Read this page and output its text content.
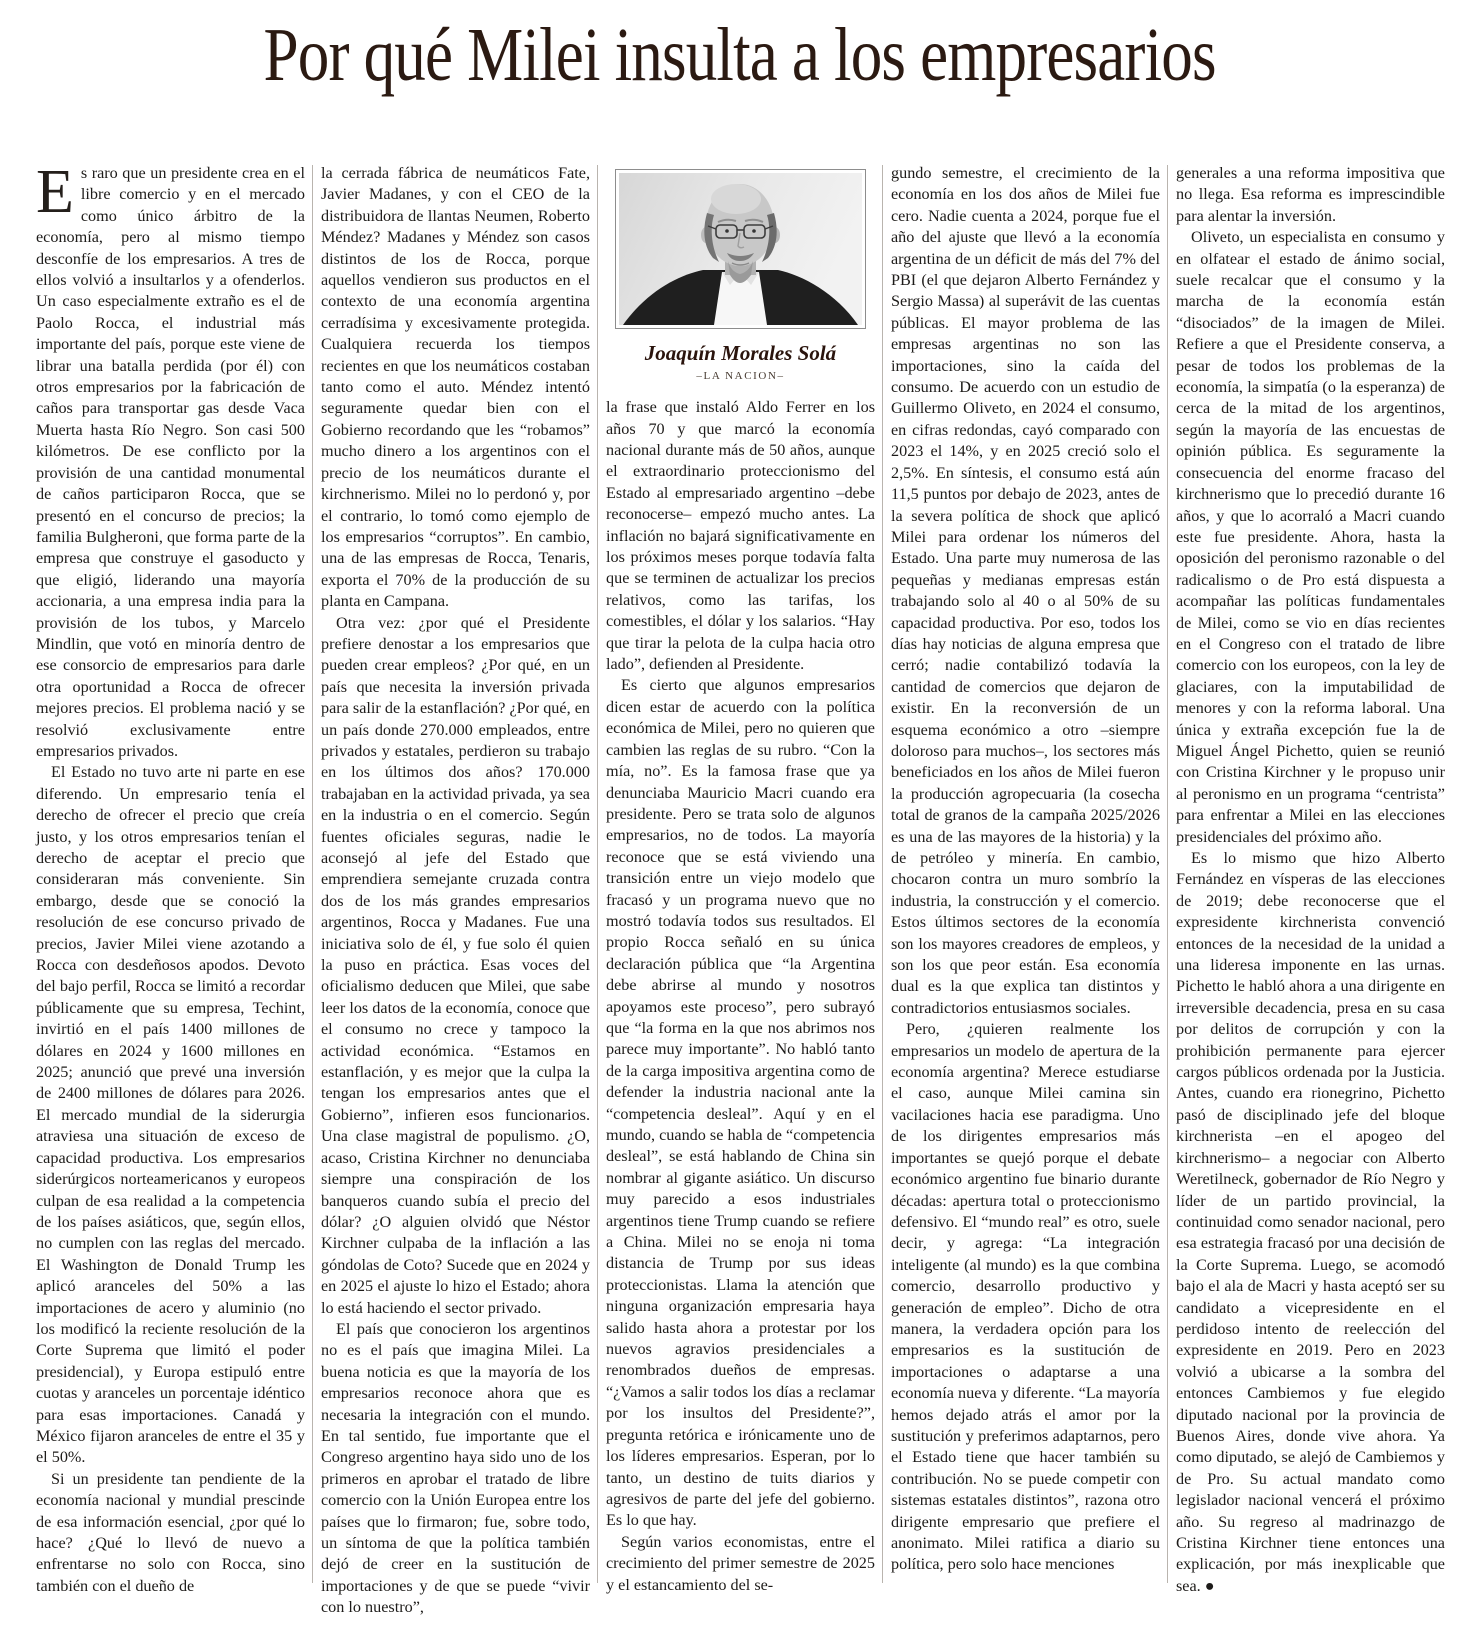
Por qué Milei insulta a los empresarios

Es raro que un presidente crea en el libre comercio y en el mercado como único árbitro de la economía, pero al mismo tiempo desconfíe de los empresarios. A tres de ellos volvió a insultarlos y a ofenderlos. Un caso especialmente extraño es el de Paolo Rocca, el industrial más importante del país, porque este viene de librar una batalla perdida (por él) con otros empresarios por la fabricación de caños para transportar gas desde Vaca Muerta hasta Río Negro. Son casi 500 kilómetros. De ese conflicto por la provisión de una cantidad monumental de caños participaron Rocca, que se presentó en el concurso de precios; la familia Bulgheroni, que forma parte de la empresa que construye el gasoducto y que eligió, liderando una mayoría accionaria, a una empresa india para la provisión de los tubos, y Marcelo Mindlin, que votó en minoría dentro de ese consorcio de empresarios para darle otra oportunidad a Rocca de ofrecer mejores precios. El problema nació y se resolvió exclusivamente entre empresarios privados.

El Estado no tuvo arte ni parte en ese diferendo. Un empresario tenía el derecho de ofrecer el precio que creía justo, y los otros empresarios tenían el derecho de aceptar el precio que consideraran más conveniente. Sin embargo, desde que se conoció la resolución de ese concurso privado de precios, Javier Milei viene azotando a Rocca con desdeñosos apodos. Devoto del bajo perfil, Rocca se limitó a recordar públicamente que su empresa, Techint, invirtió en el país 1400 millones de dólares en 2024 y 1600 millones en 2025; anunció que prevé una inversión de 2400 millones de dólares para 2026. El mercado mundial de la siderurgia atraviesa una situación de exceso de capacidad productiva. Los empresarios siderúrgicos norteamericanos y europeos culpan de esa realidad a la competencia de los países asiáticos, que, según ellos, no cumplen con las reglas del mercado. El Washington de Donald Trump les aplicó aranceles del 50% a las importaciones de acero y aluminio (no los modificó la reciente resolución de la Corte Suprema que limitó el poder presidencial), y Europa estipuló entre cuotas y aranceles un porcentaje idéntico para esas importaciones. Canadá y México fijaron aranceles de entre el 35 y el 50%.

Si un presidente tan pendiente de la economía nacional y mundial prescinde de esa información esencial, ¿por qué lo hace? ¿Qué lo llevó de nuevo a enfrentarse no solo con Rocca, sino también con el dueño de

la cerrada fábrica de neumáticos Fate, Javier Madanes, y con el CEO de la distribuidora de llantas Neumen, Roberto Méndez? Madanes y Méndez son casos distintos de los de Rocca, porque aquellos vendieron sus productos en el contexto de una economía argentina cerradísima y excesivamente protegida. Cualquiera recuerda los tiempos recientes en que los neumáticos costaban tanto como el auto. Méndez intentó seguramente quedar bien con el Gobierno recordando que les “robamos” mucho dinero a los argentinos con el precio de los neumáticos durante el kirchnerismo. Milei no lo perdonó y, por el contrario, lo tomó como ejemplo de los empresarios “corruptos”. En cambio, una de las empresas de Rocca, Tenaris, exporta el 70% de la producción de su planta en Campana.

Otra vez: ¿por qué el Presidente prefiere denostar a los empresarios que pueden crear empleos? ¿Por qué, en un país que necesita la inversión privada para salir de la estanflación? ¿Por qué, en un país donde 270.000 empleados, entre privados y estatales, perdieron su trabajo en los últimos dos años? 170.000 trabajaban en la actividad privada, ya sea en la industria o en el comercio. Según fuentes oficiales seguras, nadie le aconsejó al jefe del Estado que emprendiera semejante cruzada contra dos de los más grandes empresarios argentinos, Rocca y Madanes. Fue una iniciativa solo de él, y fue solo él quien la puso en práctica. Esas voces del oficialismo deducen que Milei, que sabe leer los datos de la economía, conoce que el consumo no crece y tampoco la actividad económica. “Estamos en estanflación, y es mejor que la culpa la tengan los empresarios antes que el Gobierno”, infieren esos funcionarios. Una clase magistral de populismo. ¿O, acaso, Cristina Kirchner no denunciaba siempre una conspiración de los banqueros cuando subía el precio del dólar? ¿O alguien olvidó que Néstor Kirchner culpaba de la inflación a las góndolas de Coto? Sucede que en 2024 y en 2025 el ajuste lo hizo el Estado; ahora lo está haciendo el sector privado.

El país que conocieron los argentinos no es el país que imagina Milei. La buena noticia es que la mayoría de los empresarios reconoce ahora que es necesaria la integración con el mundo. En tal sentido, fue importante que el Congreso argentino haya sido uno de los primeros en aprobar el tratado de libre comercio con la Unión Europea entre los países que lo firmaron; fue, sobre todo, un síntoma de que la política también dejó de creer en la sustitución de importaciones y de que se puede “vivir con lo nuestro”,

Joaquín Morales Solá

–LA NACION–

la frase que instaló Aldo Ferrer en los años 70 y que marcó la economía nacional durante más de 50 años, aunque el extraordinario proteccionismo del Estado al empresariado argentino –debe reconocerse– empezó mucho antes. La inflación no bajará significativamente en los próximos meses porque todavía falta que se terminen de actualizar los precios relativos, como las tarifas, los comestibles, el dólar y los salarios. “Hay que tirar la pelota de la culpa hacia otro lado”, defienden al Presidente.

Es cierto que algunos empresarios dicen estar de acuerdo con la política económica de Milei, pero no quieren que cambien las reglas de su rubro. “Con la mía, no”. Es la famosa frase que ya denunciaba Mauricio Macri cuando era presidente. Pero se trata solo de algunos empresarios, no de todos. La mayoría reconoce que se está viviendo una transición entre un viejo modelo que fracasó y un programa nuevo que no mostró todavía todos sus resultados. El propio Rocca señaló en su única declaración pública que “la Argentina debe abrirse al mundo y nosotros apoyamos este proceso”, pero subrayó que “la forma en la que nos abrimos nos parece muy importante”. No habló tanto de la carga impositiva argentina como de defender la industria nacional ante la “competencia desleal”. Aquí y en el mundo, cuando se habla de “competencia desleal”, se está hablando de China sin nombrar al gigante asiático. Un discurso muy parecido a esos industriales argentinos tiene Trump cuando se refiere a China. Milei no se enoja ni toma distancia de Trump por sus ideas proteccionistas. Llama la atención que ninguna organización empresaria haya salido hasta ahora a protestar por los nuevos agravios presidenciales a renombrados dueños de empresas. “¿Vamos a salir todos los días a reclamar por los insultos del Presidente?”, pregunta retórica e irónicamente uno de los líderes empresarios. Esperan, por lo tanto, un destino de tuits diarios y agresivos de parte del jefe del gobierno. Es lo que hay.

Según varios economistas, entre el crecimiento del primer semestre de 2025 y el estancamiento del se-

gundo semestre, el crecimiento de la economía en los dos años de Milei fue cero. Nadie cuenta a 2024, porque fue el año del ajuste que llevó a la economía argentina de un déficit de más del 7% del PBI (el que dejaron Alberto Fernández y Sergio Massa) al superávit de las cuentas públicas. El mayor problema de las empresas argentinas no son las importaciones, sino la caída del consumo. De acuerdo con un estudio de Guillermo Oliveto, en 2024 el consumo, en cifras redondas, cayó comparado con 2023 el 14%, y en 2025 creció solo el 2,5%. En síntesis, el consumo está aún 11,5 puntos por debajo de 2023, antes de la severa política de shock que aplicó Milei para ordenar los números del Estado. Una parte muy numerosa de las pequeñas y medianas empresas están trabajando solo al 40 o al 50% de su capacidad productiva. Por eso, todos los días hay noticias de alguna empresa que cerró; nadie contabilizó todavía la cantidad de comercios que dejaron de existir. En la reconversión de un esquema económico a otro –siempre doloroso para muchos–, los sectores más beneficiados en los años de Milei fueron la producción agropecuaria (la cosecha total de granos de la campaña 2025/2026 es una de las mayores de la historia) y la de petróleo y minería. En cambio, chocaron contra un muro sombrío la industria, la construcción y el comercio. Estos últimos sectores de la economía son los mayores creadores de empleos, y son los que peor están. Esa economía dual es la que explica tan distintos y contradictorios entusiasmos sociales.

Pero, ¿quieren realmente los empresarios un modelo de apertura de la economía argentina? Merece estudiarse el caso, aunque Milei camina sin vacilaciones hacia ese paradigma. Uno de los dirigentes empresarios más importantes se quejó porque el debate económico argentino fue binario durante décadas: apertura total o proteccionismo defensivo. El “mundo real” es otro, suele decir, y agrega: “La integración inteligente (al mundo) es la que combina comercio, desarrollo productivo y generación de empleo”. Dicho de otra manera, la verdadera opción para los empresarios es la sustitución de importaciones o adaptarse a una economía nueva y diferente. “La mayoría hemos dejado atrás el amor por la sustitución y preferimos adaptarnos, pero el Estado tiene que hacer también su contribución. No se puede competir con sistemas estatales distintos”, razona otro dirigente empresario que prefiere el anonimato. Milei ratifica a diario su política, pero solo hace menciones

generales a una reforma impositiva que no llega. Esa reforma es imprescindible para alentar la inversión.

Oliveto, un especialista en consumo y en olfatear el estado de ánimo social, suele recalcar que el consumo y la marcha de la economía están “disociados” de la imagen de Milei. Refiere a que el Presidente conserva, a pesar de todos los problemas de la economía, la simpatía (o la esperanza) de cerca de la mitad de los argentinos, según la mayoría de las encuestas de opinión pública. Es seguramente la consecuencia del enorme fracaso del kirchnerismo que lo precedió durante 16 años, y que lo acorraló a Macri cuando este fue presidente. Ahora, hasta la oposición del peronismo razonable o del radicalismo o de Pro está dispuesta a acompañar las políticas fundamentales de Milei, como se vio en días recientes en el Congreso con el tratado de libre comercio con los europeos, con la ley de glaciares, con la imputabilidad de menores y con la reforma laboral. Una única y extraña excepción fue la de Miguel Ángel Pichetto, quien se reunió con Cristina Kirchner y le propuso unir al peronismo en un programa “centrista” para enfrentar a Milei en las elecciones presidenciales del próximo año.

Es lo mismo que hizo Alberto Fernández en vísperas de las elecciones de 2019; debe reconocerse que el expresidente kirchnerista convenció entonces de la necesidad de la unidad a una lideresa imponente en las urnas. Pichetto le habló ahora a una dirigente en irreversible decadencia, presa en su casa por delitos de corrupción y con la prohibición permanente para ejercer cargos públicos ordenada por la Justicia. Antes, cuando era rionegrino, Pichetto pasó de disciplinado jefe del bloque kirchnerista –en el apogeo del kirchnerismo– a negociar con Alberto Weretilneck, gobernador de Río Negro y líder de un partido provincial, la continuidad como senador nacional, pero esa estrategia fracasó por una decisión de la Corte Suprema. Luego, se acomodó bajo el ala de Macri y hasta aceptó ser su candidato a vicepresidente en el perdidoso intento de reelección del expresidente en 2019. Pero en 2023 volvió a ubicarse a la sombra del entonces Cambiemos y fue elegido diputado nacional por la provincia de Buenos Aires, donde vive ahora. Ya como diputado, se alejó de Cambiemos y de Pro. Su actual mandato como legislador nacional vencerá el próximo año. Su regreso al madrinazgo de Cristina Kirchner tiene entonces una explicación, por más inexplicable que sea. ●
